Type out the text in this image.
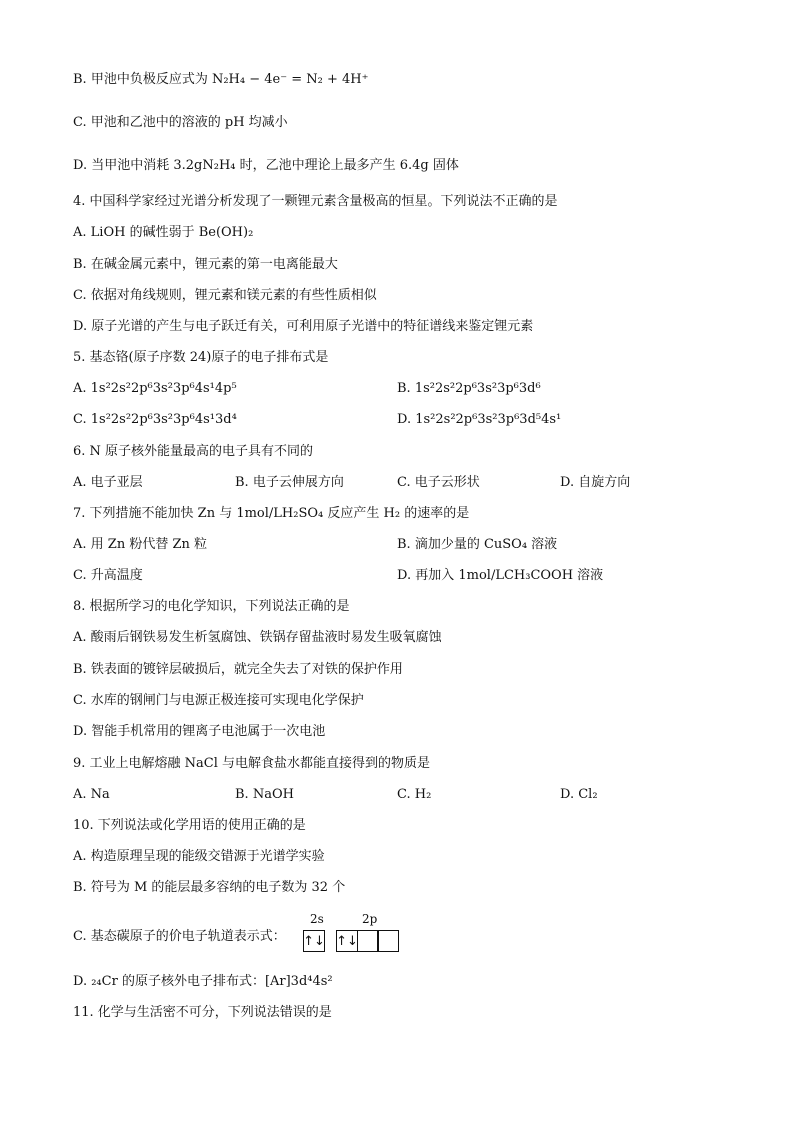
B. 甲池中负极反应式为 N₂H₄ − 4e⁻ = N₂ + 4H⁺
C. 甲池和乙池中的溶液的 pH 均减小
D. 当甲池中消耗 3.2gN₂H₄ 时，乙池中理论上最多产生 6.4g 固体
4. 中国科学家经过光谱分析发现了一颗锂元素含量极高的恒星。下列说法不正确的是
A. LiOH 的碱性弱于 Be(OH)₂
B. 在碱金属元素中，锂元素的第一电离能最大
C. 依据对角线规则，锂元素和镁元素的有些性质相似
D. 原子光谱的产生与电子跃迁有关，可利用原子光谱中的特征谱线来鉴定锂元素
5. 基态铬(原子序数 24)原子的电子排布式是
A. 1s²2s²2p⁶3s²3p⁶4s¹4p⁵	B. 1s²2s²2p⁶3s²3p⁶3d⁶
C. 1s²2s²2p⁶3s²3p⁶4s¹3d⁴	D. 1s²2s²2p⁶3s²3p⁶3d⁵4s¹
6. N 原子核外能量最高的电子具有不同的
A. 电子亚层	B. 电子云伸展方向	C. 电子云形状	D. 自旋方向
7. 下列措施不能加快 Zn 与 1mol/LH₂SO₄ 反应产生 H₂ 的速率的是
A. 用 Zn 粉代替 Zn 粒	B. 滴加少量的 CuSO₄ 溶液
C. 升高温度	D. 再加入 1mol/LCH₃COOH 溶液
8. 根据所学习的电化学知识，下列说法正确的是
A. 酸雨后钢铁易发生析氢腐蚀、铁锅存留盐液时易发生吸氧腐蚀
B. 铁表面的镀锌层破损后，就完全失去了对铁的保护作用
C. 水库的钢闸门与电源正极连接可实现电化学保护
D. 智能手机常用的锂离子电池属于一次电池
9. 工业上电解熔融 NaCl 与电解食盐水都能直接得到的物质是
A. Na	B. NaOH	C. H₂	D. Cl₂
10. 下列说法或化学用语的使用正确的是
A. 构造原理呈现的能级交错源于光谱学实验
B. 符号为 M 的能层最多容纳的电子数为 32 个
C. 基态碳原子的价电子轨道表示式：
2s	2p
↑↓ ↑↓
D. ₂₄Cr 的原子核外电子排布式：[Ar]3d⁴4s²
11. 化学与生活密不可分，下列说法错误的是
